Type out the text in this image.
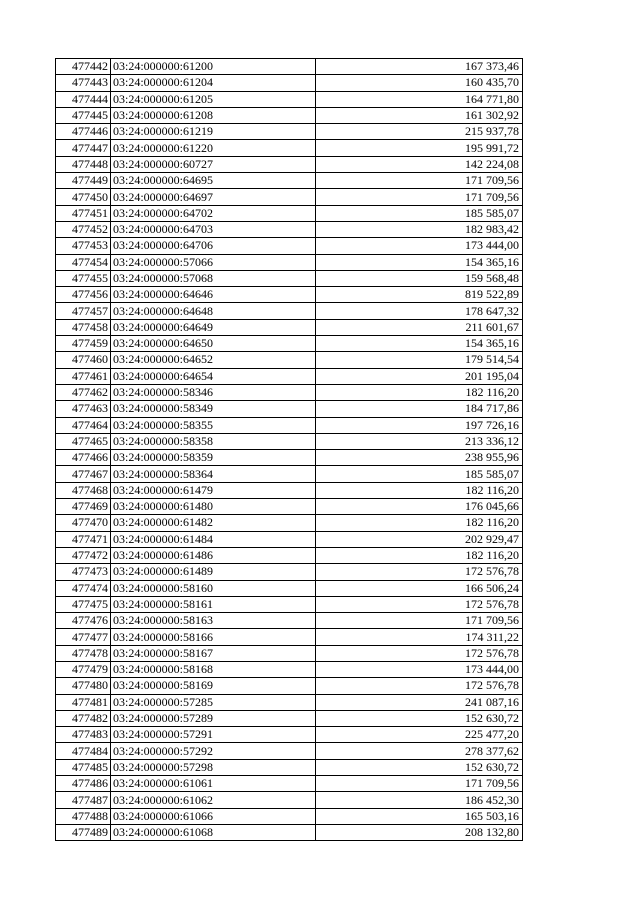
477442	03:24:000000:61200	167 373,46
477443	03:24:000000:61204	160 435,70
477444	03:24:000000:61205	164 771,80
477445	03:24:000000:61208	161 302,92
477446	03:24:000000:61219	215 937,78
477447	03:24:000000:61220	195 991,72
477448	03:24:000000:60727	142 224,08
477449	03:24:000000:64695	171 709,56
477450	03:24:000000:64697	171 709,56
477451	03:24:000000:64702	185 585,07
477452	03:24:000000:64703	182 983,42
477453	03:24:000000:64706	173 444,00
477454	03:24:000000:57066	154 365,16
477455	03:24:000000:57068	159 568,48
477456	03:24:000000:64646	819 522,89
477457	03:24:000000:64648	178 647,32
477458	03:24:000000:64649	211 601,67
477459	03:24:000000:64650	154 365,16
477460	03:24:000000:64652	179 514,54
477461	03:24:000000:64654	201 195,04
477462	03:24:000000:58346	182 116,20
477463	03:24:000000:58349	184 717,86
477464	03:24:000000:58355	197 726,16
477465	03:24:000000:58358	213 336,12
477466	03:24:000000:58359	238 955,96
477467	03:24:000000:58364	185 585,07
477468	03:24:000000:61479	182 116,20
477469	03:24:000000:61480	176 045,66
477470	03:24:000000:61482	182 116,20
477471	03:24:000000:61484	202 929,47
477472	03:24:000000:61486	182 116,20
477473	03:24:000000:61489	172 576,78
477474	03:24:000000:58160	166 506,24
477475	03:24:000000:58161	172 576,78
477476	03:24:000000:58163	171 709,56
477477	03:24:000000:58166	174 311,22
477478	03:24:000000:58167	172 576,78
477479	03:24:000000:58168	173 444,00
477480	03:24:000000:58169	172 576,78
477481	03:24:000000:57285	241 087,16
477482	03:24:000000:57289	152 630,72
477483	03:24:000000:57291	225 477,20
477484	03:24:000000:57292	278 377,62
477485	03:24:000000:57298	152 630,72
477486	03:24:000000:61061	171 709,56
477487	03:24:000000:61062	186 452,30
477488	03:24:000000:61066	165 503,16
477489	03:24:000000:61068	208 132,80
